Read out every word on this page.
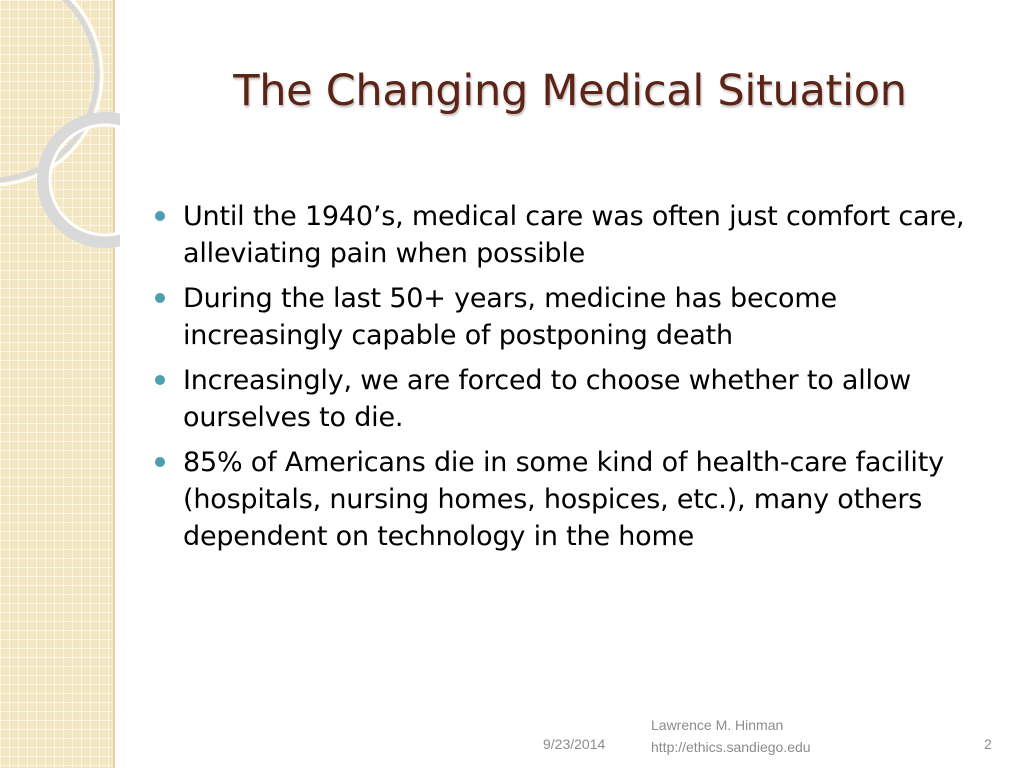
The Changing Medical Situation
Until the 1940’s, medical care was often just comfort care, alleviating pain when possible
During the last 50+ years, medicine has become increasingly capable of postponing death
Increasingly, we are forced to choose whether to allow ourselves to die.
85% of Americans die in some kind of health-care facility (hospitals, nursing homes, hospices, etc.), many others dependent on technology in the home
9/23/2014
Lawrence M. Hinman
http://ethics.sandiego.edu	2
